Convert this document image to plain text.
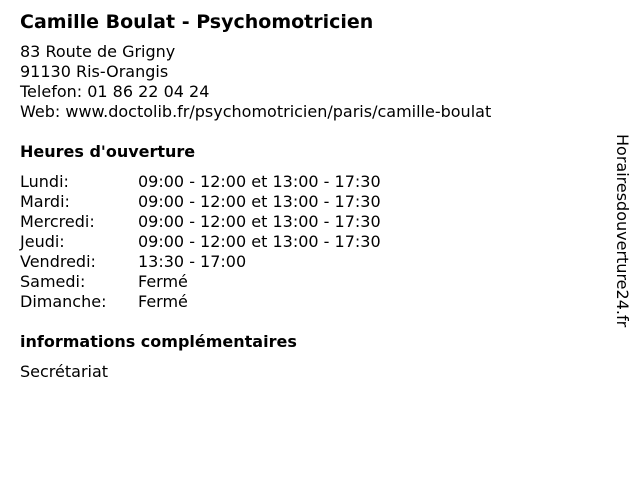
Camille Boulat - Psychomotricien
83 Route de Grigny
91130 Ris-Orangis
Telefon: 01 86 22 04 24
Web: www.doctolib.fr/psychomotricien/paris/camille-boulat
Heures d'ouverture
Lundi:	09:00 - 12:00 et 13:00 - 17:30
Mardi:	09:00 - 12:00 et 13:00 - 17:30
Mercredi:	09:00 - 12:00 et 13:00 - 17:30
Jeudi:	09:00 - 12:00 et 13:00 - 17:30
Vendredi:	13:30 - 17:00
Samedi:	Fermé
Dimanche:	Fermé
informations complémentaires
Secrétariat
Horairesdouverture24.fr
